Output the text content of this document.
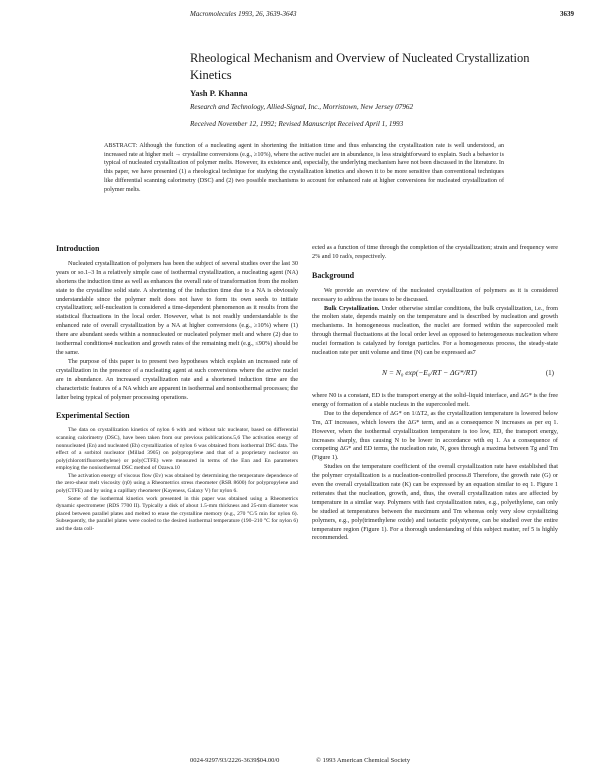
Macromolecules 1993, 26, 3639-3643	3639
Rheological Mechanism and Overview of Nucleated Crystallization Kinetics
Yash P. Khanna
Research and Technology, Allied-Signal, Inc., Morristown, New Jersey 07962
Received November 12, 1992; Revised Manuscript Received April 1, 1993
ABSTRACT: Although the function of a nucleating agent in shortening the initiation time and thus enhancing the crystallization rate is well understood, an increased rate at higher melt → crystalline conversions (e.g., ≥10%), where the active nuclei are in abundance, is less straightforward to explain. Such a behavior is typical of nucleated crystallization of polymer melts. However, its existence and, especially, the underlying mechanism have not been discussed in the literature. In this paper, we have presented (1) a rheological technique for studying the crystallization kinetics and shown it to be more sensitive than conventional techniques like differential scanning calorimetry (DSC) and (2) two possible mechanisms to account for enhanced rate at higher conversions for nucleated crystallization of polymer melts.
Introduction

Nucleated crystallization of polymers has been the subject of several studies over the last 30 years or so.1–3 In a relatively simple case of isothermal crystallization, a nucleating agent (NA) shortens the induction time as well as enhances the overall rate of transformation from the molten state to the crystalline solid state. A shortening of the induction time due to a NA is obviously understandable since the polymer melt does not have to form its own seeds to initiate crystallization; self-nucleation is considered a time-dependent phenomenon as it results from the statistical fluctuations in the local order. However, what is not readily understandable is the enhanced rate of overall crystallization by a NA at higher conversions (e.g., ≥10%) where (1) there are abundant seeds within a nonnucleated or nucleated polymer melt and where (2) due to isothermal conditions4 nucleation and growth rates of the remaining melt (e.g., ≤90%) should be the same.

The purpose of this paper is to present two hypotheses which explain an increased rate of crystallization in the presence of a nucleating agent at such conversions where the active nuclei are in abundance. An increased crystallization rate and a shortened induction time are the characteristic features of a NA which are apparent in isothermal and nonisothermal processes; the latter being typical of polymer processing operations.

Experimental Section

The data on crystallization kinetics of nylon 6 with and without talc nucleator, based on differential scanning calorimetry (DSC), have been taken from our previous publications.5,6 The activation energy of nonnucleated (En) and nucleated (Eh) crystallization of nylon 6 was obtained from isothermal DSC data. The effect of a sorbitol nucleator (Millad 3905) on polypropylene and that of a proprietary nucleator on poly(chlorotrifluoroethylene) or poly(CTFE) were measured in terms of the Enn and En parameters employing the nonisothermal DSC method of Ozawa.10

The activation energy of viscous flow (Ev) was obtained by determining the temperature dependence of the zero-shear melt viscosity (η0) using a Rheometrics stress rheometer (RSR 8600) for polypropylene and poly(CTFE) and by using a capillary rheometer (Kayeness, Galaxy V) for nylon 6.

Some of the isothermal kinetics work presented in this paper was obtained using a Rheometrics dynamic spectrometer (RDS 7700 II). Typically a disk of about 1.5-mm thickness and 25-mm diameter was placed between parallel plates and melted to erase the crystalline memory (e.g., 270 °C/5 min for nylon 6). Subsequently, the parallel plates were cooled to the desired isothermal temperature (190–210 °C for nylon 6) and the data coll-

ected as a function of time through the completion of the crystallization; strain and frequency were 2% and 10 rad/s, respectively.

Background

We provide an overview of the nucleated crystallization of polymers as it is considered necessary to address the issues to be discussed.

Bulk Crystallization. Under otherwise similar conditions, the bulk crystallization, i.e., from the molten state, depends mainly on the temperature and is described by nucleation and growth mechanisms. In homogeneous nucleation, the nuclei are formed within the supercooled melt through thermal fluctuations at the local order level as opposed to heterogeneous nucleation where nuclei formation is catalyzed by foreign particles. For a homogeneous process, the steady-state nucleation rate per unit volume and time (N) can be expressed as7

N = N₀ exp(−E₀/RT − ΔG*/RT)	(1)

where N0 is a constant, ED is the transport energy at the solid–liquid interface, and ΔG* is the free energy of formation of a stable nucleus in the supercooled melt.

Due to the dependence of ΔG* on 1/ΔT2, as the crystallization temperature is lowered below Tm, ΔT increases, which lowers the ΔG* term, and as a consequence N increases as per eq 1. However, when the isothermal crystallization temperature is too low, ED, the transport energy, increases sharply, thus causing N to be lower in accordance with eq 1. As a consequence of competing ΔG* and ED terms, the nucleation rate, N, goes through a maxima between Tg and Tm (Figure 1).

Studies on the temperature coefficient of the overall crystallization rate have established that the polymer crystallization is a nucleation-controlled process.8 Therefore, the growth rate (G) or even the overall crystallization rate (K) can be expressed by an equation similar to eq 1. Figure 1 reiterates that the nucleation, growth, and, thus, the overall crystallization rates are affected by temperature in a similar way. Polymers with fast crystallization rates, e.g., polyethylene, can only be studied at temperatures between the maximum and Tm whereas only very slow crystallizing polymers, e.g., poly(trimethylene oxide) and isotactic polystyrene, can be studied over the entire temperature region (Figure 1). For a thorough understanding of this subject matter, ref 5 is highly recommended.

0024-9297/93/2226-3639$04.00/0	© 1993 American Chemical Society
